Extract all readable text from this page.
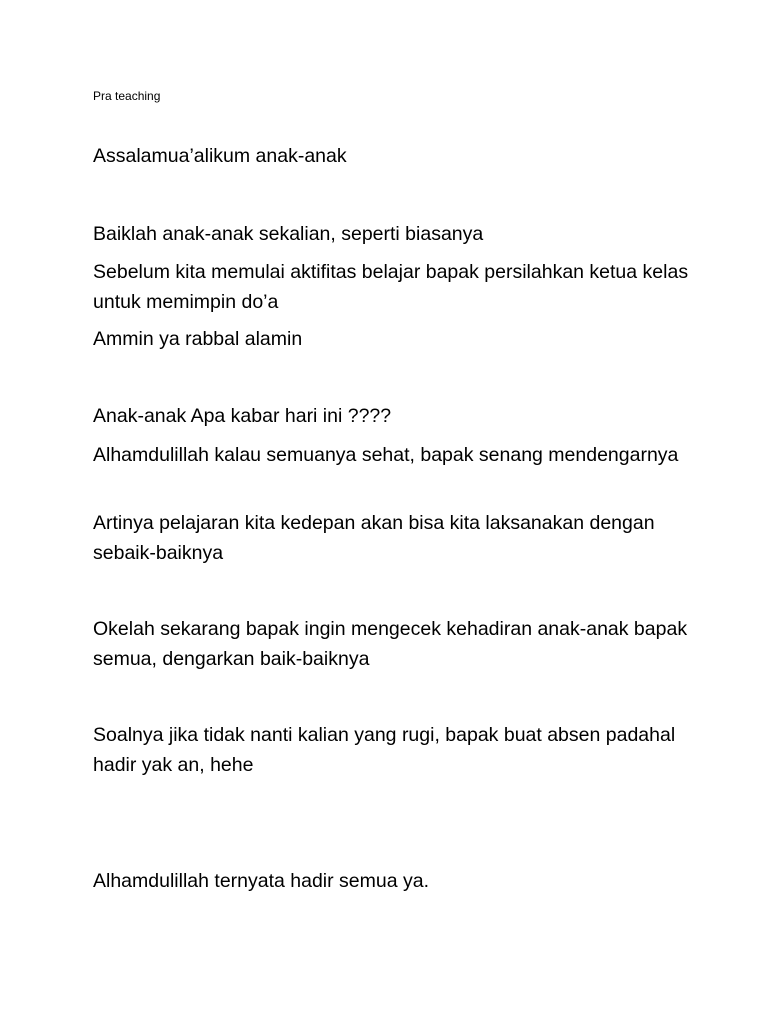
Pra teaching

Assalamua’alikum anak-anak

Baiklah anak-anak sekalian, seperti biasanya

Sebelum kita memulai aktifitas belajar bapak persilahkan ketua kelas untuk memimpin do’a

Ammin ya rabbal alamin

Anak-anak Apa kabar hari ini ????

Alhamdulillah kalau semuanya sehat, bapak senang mendengarnya

Artinya pelajaran kita kedepan akan bisa kita laksanakan dengan sebaik-baiknya

Okelah sekarang bapak ingin mengecek kehadiran anak-anak bapak semua, dengarkan baik-baiknya

Soalnya jika tidak nanti kalian yang rugi, bapak buat absen padahal hadir yak an, hehe

Alhamdulillah ternyata hadir semua ya.
